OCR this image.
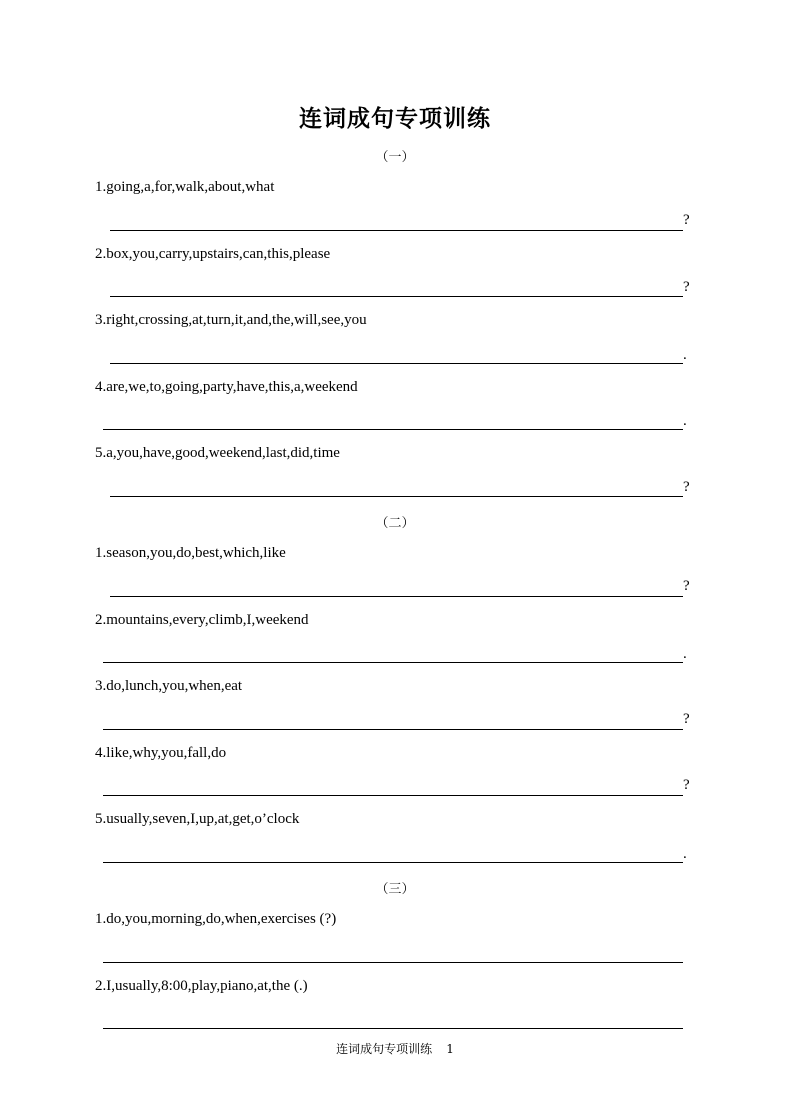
连词成句专项训练
（一）
1.going,a,for,walk,about,what
?
2.box,you,carry,upstairs,can,this,please
?
3.right,crossing,at,turn,it,and,the,will,see,you
.
4.are,we,to,going,party,have,this,a,weekend
.
5.a,you,have,good,weekend,last,did,time
?
（二）
1.season,you,do,best,which,like
?
2.mountains,every,climb,I,weekend
.
3.do,lunch,you,when,eat
?
4.like,why,you,fall,do
?
5.usually,seven,I,up,at,get,o’clock
.
（三）
1.do,you,morning,do,when,exercises (?)
2.I,usually,8:00,play,piano,at,the (.)
连词成句专项训练 1
